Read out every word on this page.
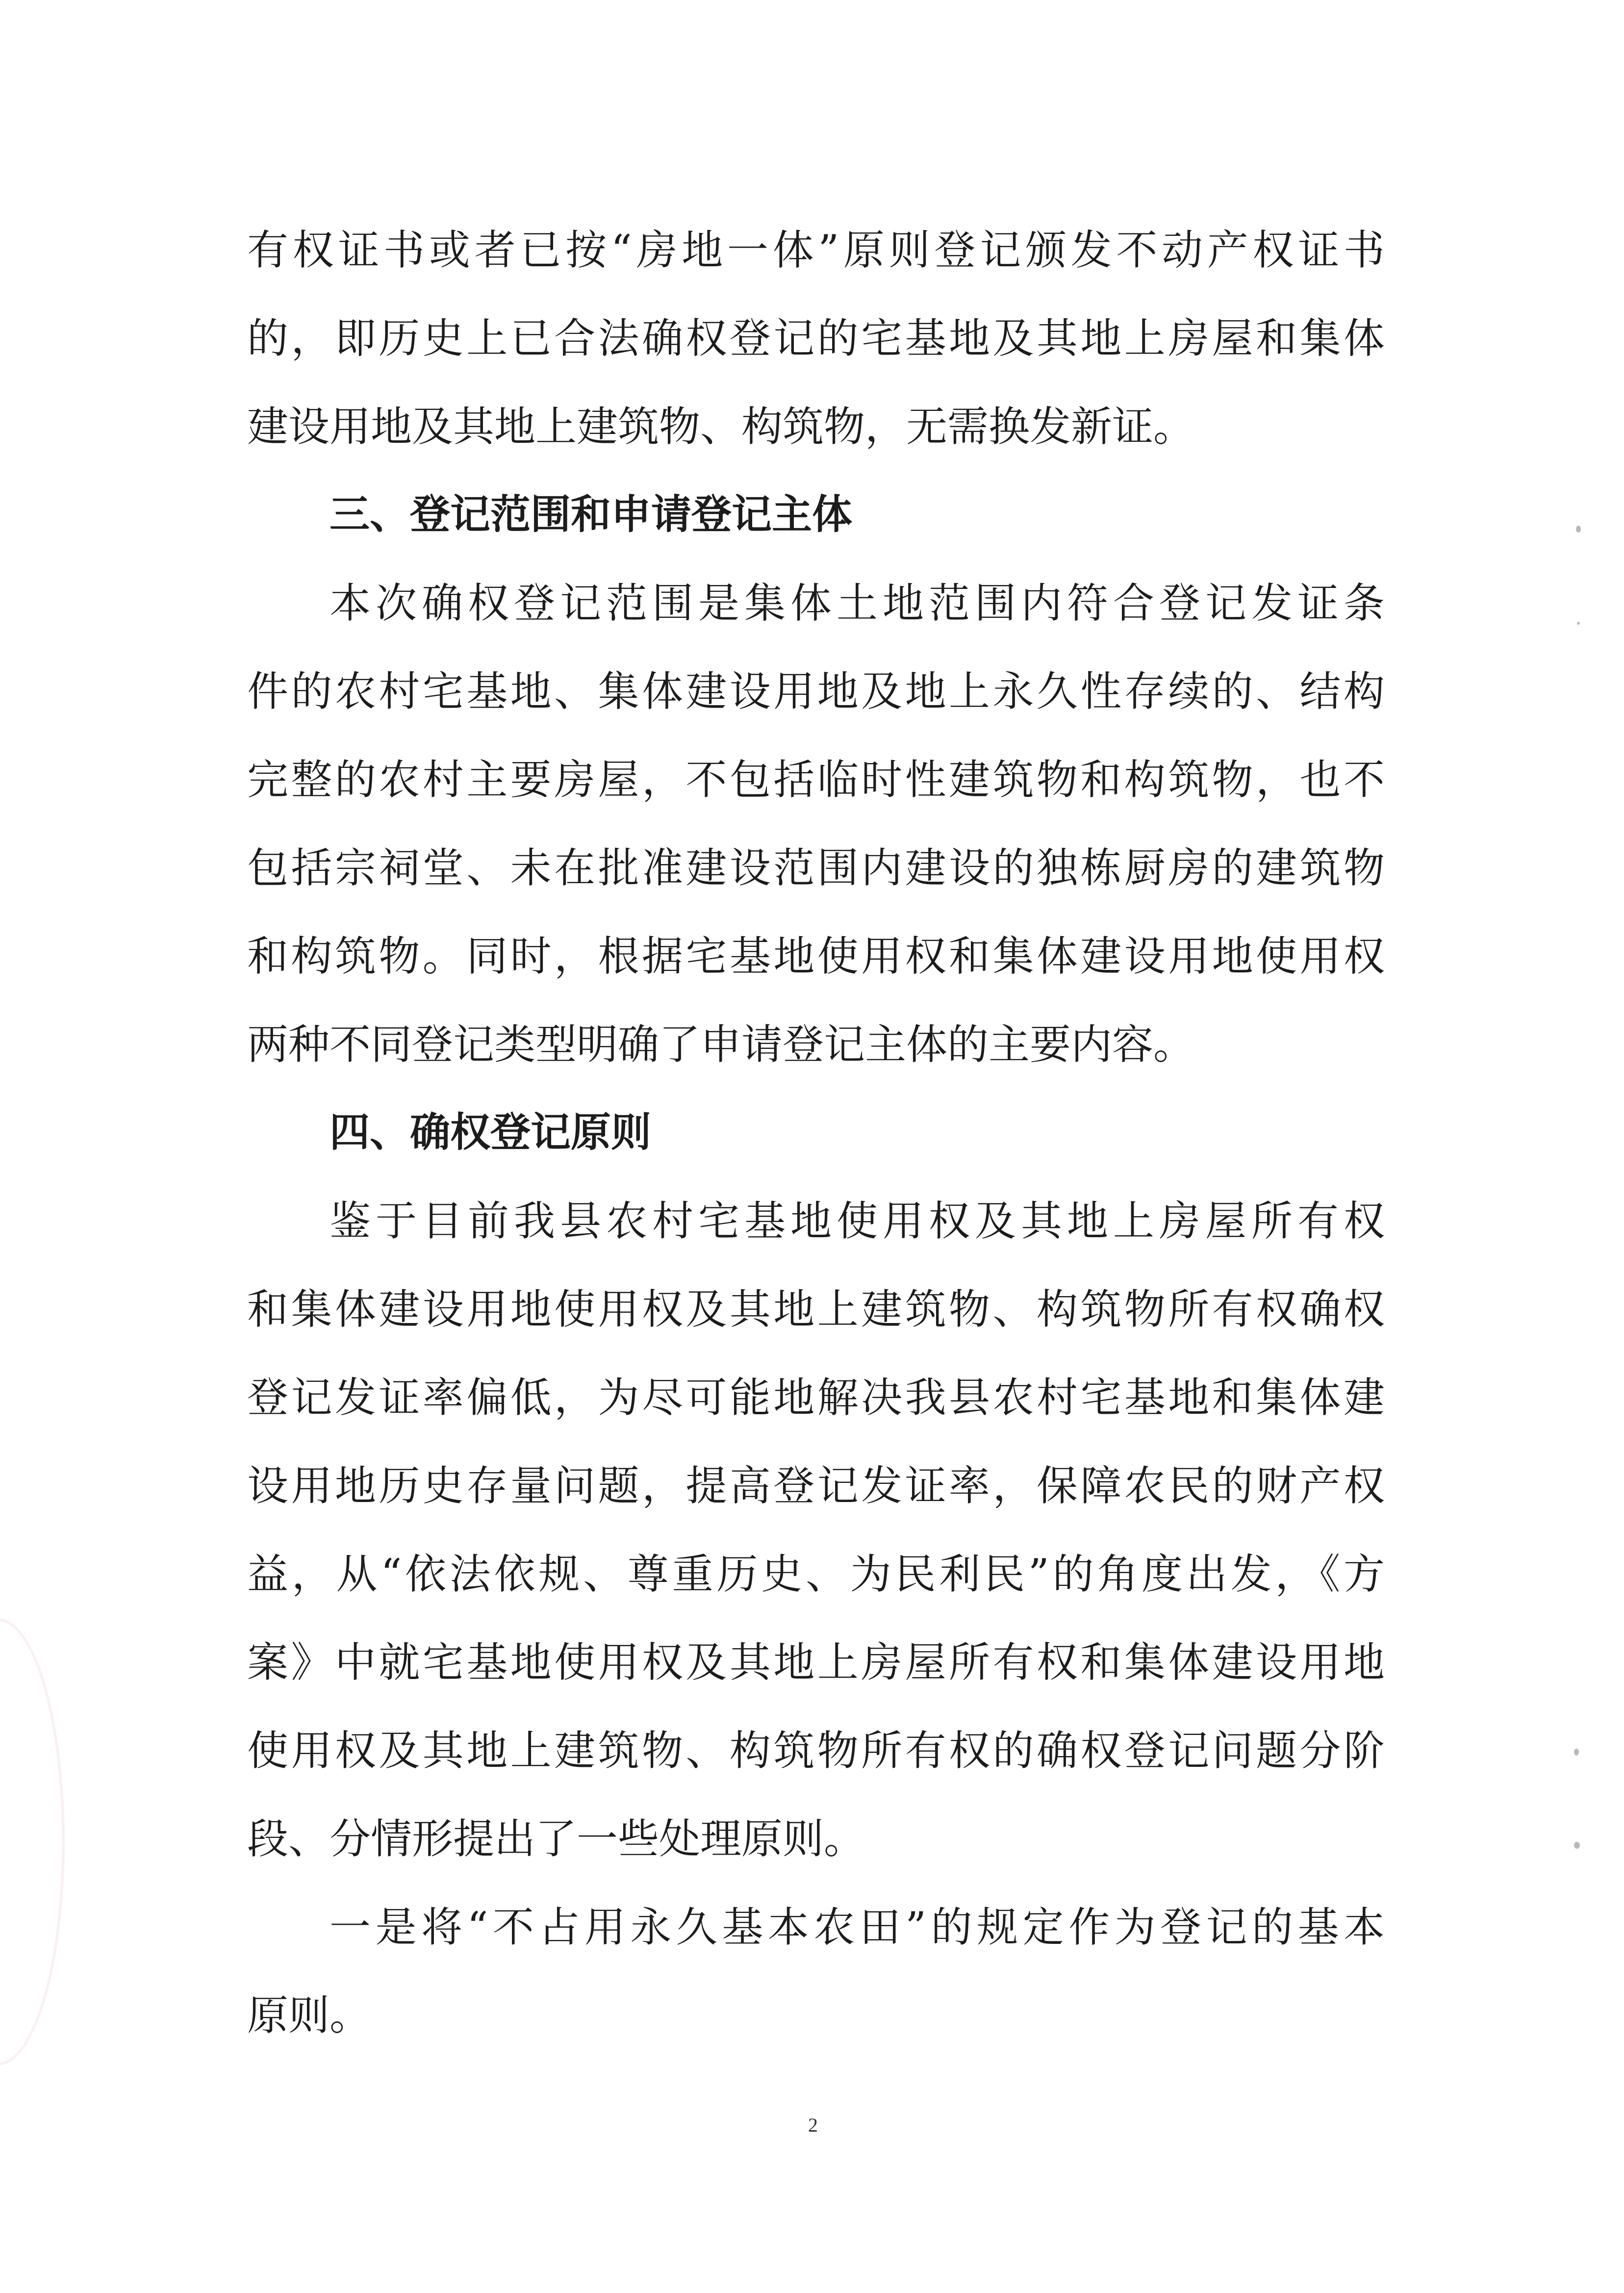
有权证书或者已按“房地一体”原则登记颁发不动产权证书
的，即历史上已合法确权登记的宅基地及其地上房屋和集体
建设用地及其地上建筑物、构筑物，无需换发新证。
三、登记范围和申请登记主体
本次确权登记范围是集体土地范围内符合登记发证条
件的农村宅基地、集体建设用地及地上永久性存续的、结构
完整的农村主要房屋，不包括临时性建筑物和构筑物，也不
包括宗祠堂、未在批准建设范围内建设的独栋厨房的建筑物
和构筑物。同时，根据宅基地使用权和集体建设用地使用权
两种不同登记类型明确了申请登记主体的主要内容。
四、确权登记原则
鉴于目前我县农村宅基地使用权及其地上房屋所有权
和集体建设用地使用权及其地上建筑物、构筑物所有权确权
登记发证率偏低，为尽可能地解决我县农村宅基地和集体建
设用地历史存量问题，提高登记发证率，保障农民的财产权
益，从“依法依规、尊重历史、为民利民”的角度出发，《方
案》中就宅基地使用权及其地上房屋所有权和集体建设用地
使用权及其地上建筑物、构筑物所有权的确权登记问题分阶
段、分情形提出了一些处理原则。
一是将“不占用永久基本农田”的规定作为登记的基本
原则。
2
